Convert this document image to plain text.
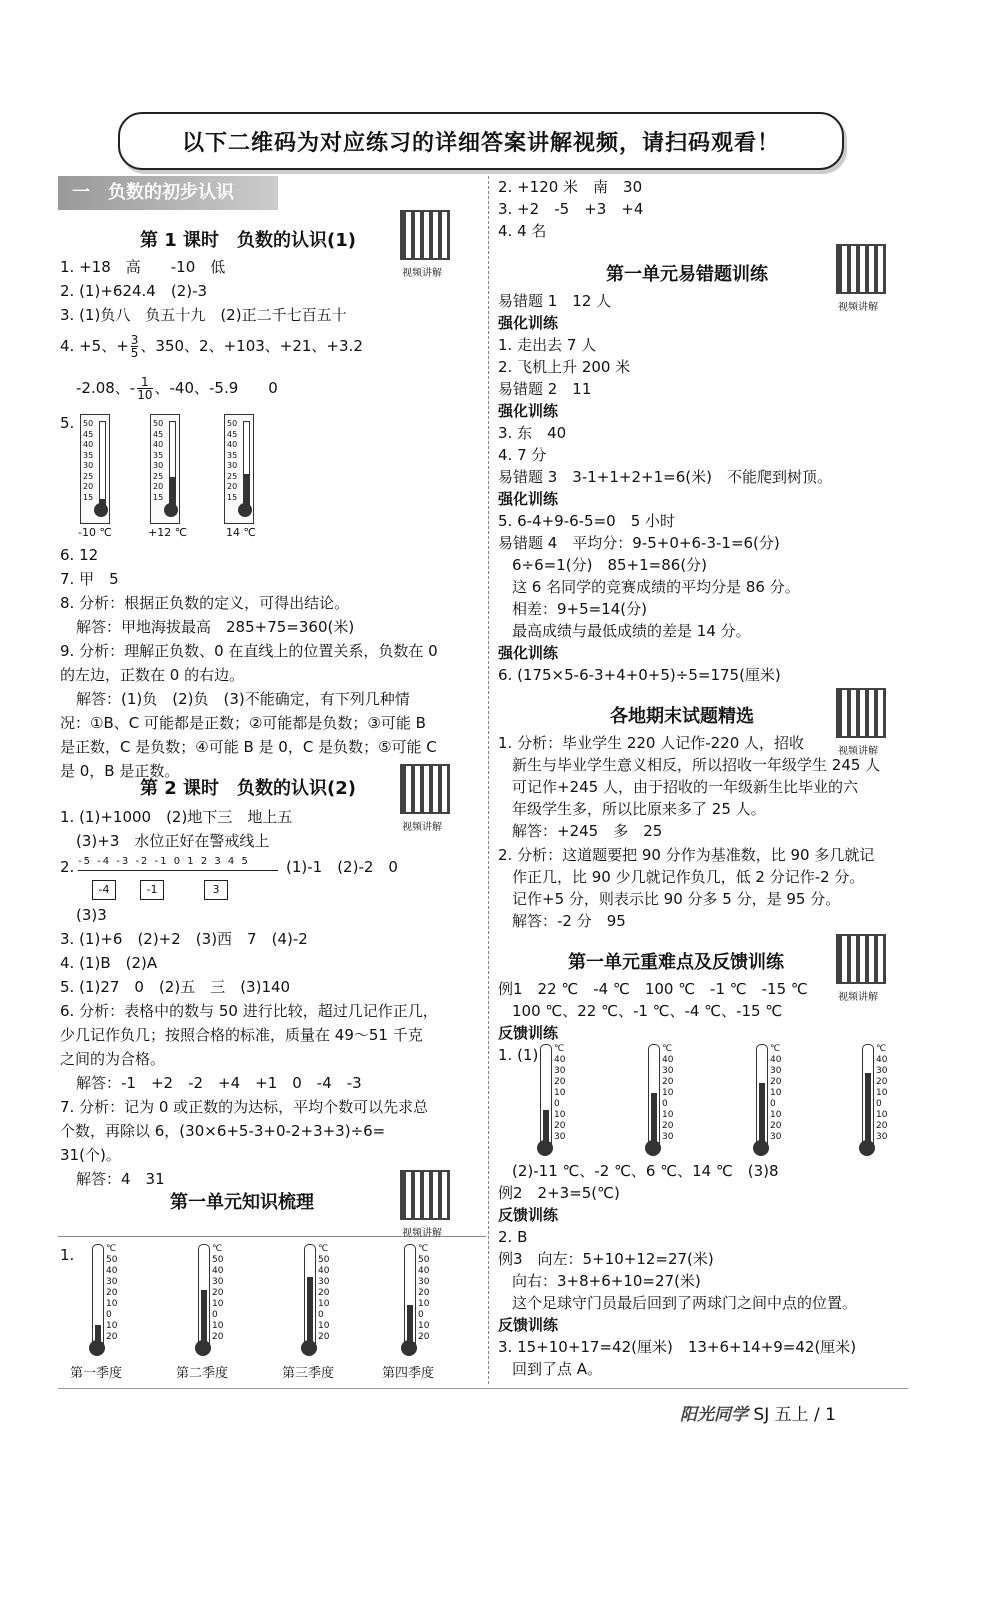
以下二维码为对应练习的详细答案讲解视频，请扫码观看！
一　负数的初步认识
第 1 课时　负数的认识(1)
视频讲解
1. +18　高　　-10　低
2. (1)+624.4　(2)-3
3. (1)负八　负五十九　(2)正二千七百五十
4. +5、+ $\frac{3}{5}$ 、350、2、+103、+21、+3.2
-2.08、- $\frac{1}{10}$ 、-40、-5.9　　0
5. 50
45
40
35
30
25
20
15
-10 ℃
50
45
40
35
30
25
20
15
+12 ℃
50
45
40
35
30
25
20
15
14 ℃
6. 12
7. 甲　5
8. 分析：根据正负数的定义，可得出结论。
解答：甲地海拔最高　285+75=360(米)
9. 分析：理解正负数、0 在直线上的位置关系，负数在 0
的左边，正数在 0 的右边。
解答：(1)负　(2)负　(3)不能确定，有下列几种情
况：①B、C 可能都是正数；②可能都是负数；③可能 B
是正数，C 是负数；④可能 B 是 0，C 是负数；⑤可能 C
是 0，B 是正数。
第 2 课时　负数的认识(2)
视频讲解
1. (1)+1000　(2)地下三　地上五
(3)+3　水位正好在警戒线上
2. -5 -4 -3 -2 -1 0 1 2 3 4 5
-4	-1	3
(1)-1　(2)-2　0
(3)3
3. (1)+6　(2)+2　(3)西　7　(4)-2
4. (1)B　(2)A
5. (1)27　0　(2)五　三　(3)140
6. 分析：表格中的数与 50 进行比较，超过几记作正几，
少几记作负几；按照合格的标准，质量在 49～51 千克
之间的为合格。
解答：-1　+2　-2　+4　+1　0　-4　-3
7. 分析：记为 0 或正数的为达标，平均个数可以先求总
个数，再除以 6，(30×6+5-3+0-2+3+3)÷6=
31(个)。
解答：4　31
第一单元知识梳理
视频讲解
1.	℃
50
40
30
20
10
0
10
20
第一季度
℃
50
40
30
20
10
0
10
20
第二季度
℃
50
40
30
20
10
0
10
20
第三季度
℃
50
40
30
20
10
0
10
20
第四季度
2. +120 米　南　30
3. +2　-5　+3　+4
4. 4 名
第一单元易错题训练
视频讲解
易错题 1　12 人
强化训练
1. 走出去 7 人
2. 飞机上升 200 米
易错题 2　11
强化训练
3. 东　40
4. 7 分
易错题 3　3-1+1+2+1=6(米)　不能爬到树顶。
强化训练
5. 6-4+9-6-5=0　5 小时
易错题 4　平均分：9-5+0+6-3-1=6(分)
6÷6=1(分)　85+1=86(分)
这 6 名同学的竞赛成绩的平均分是 86 分。
相差：9+5=14(分)
最高成绩与最低成绩的差是 14 分。
强化训练
6. (175×5-6-3+4+0+5)÷5=175(厘米)
各地期末试题精选
视频讲解
1. 分析：毕业学生 220 人记作-220 人，招收
新生与毕业学生意义相反，所以招收一年级学生 245 人
可记作+245 人，由于招收的一年级新生比毕业的六
年级学生多，所以比原来多了 25 人。
解答：+245　多　25
2. 分析：这道题要把 90 分作为基准数，比 90 多几就记
作正几，比 90 少几就记作负几，低 2 分记作-2 分。
记作+5 分，则表示比 90 分多 5 分，是 95 分。
解答：-2 分　95
第一单元重难点及反馈训练
视频讲解
例1　22 ℃　-4 ℃　100 ℃　-1 ℃　-15 ℃
100 ℃、22 ℃、-1 ℃、-4 ℃、-15 ℃
反馈训练
1. (1)
(2)-11 ℃、-2 ℃、6 ℃、14 ℃　(3)8
例2　2+3=5(℃)
反馈训练
2. B
例3　向左：5+10+12=27(米)
向右：3+8+6+10=27(米)
这个足球守门员最后回到了两球门之间中点的位置。
反馈训练
3. 15+10+17=42(厘米)　13+6+14+9=42(厘米)
回到了点 A。
℃
40
30
20
10
0
10
20
30
℃
40
30
20
10
0
10
20
30
℃
40
30
20
10
0
10
20
30
℃
40
30
20
10
0
10
20
30
阳光同学 SJ 五上 / 1
